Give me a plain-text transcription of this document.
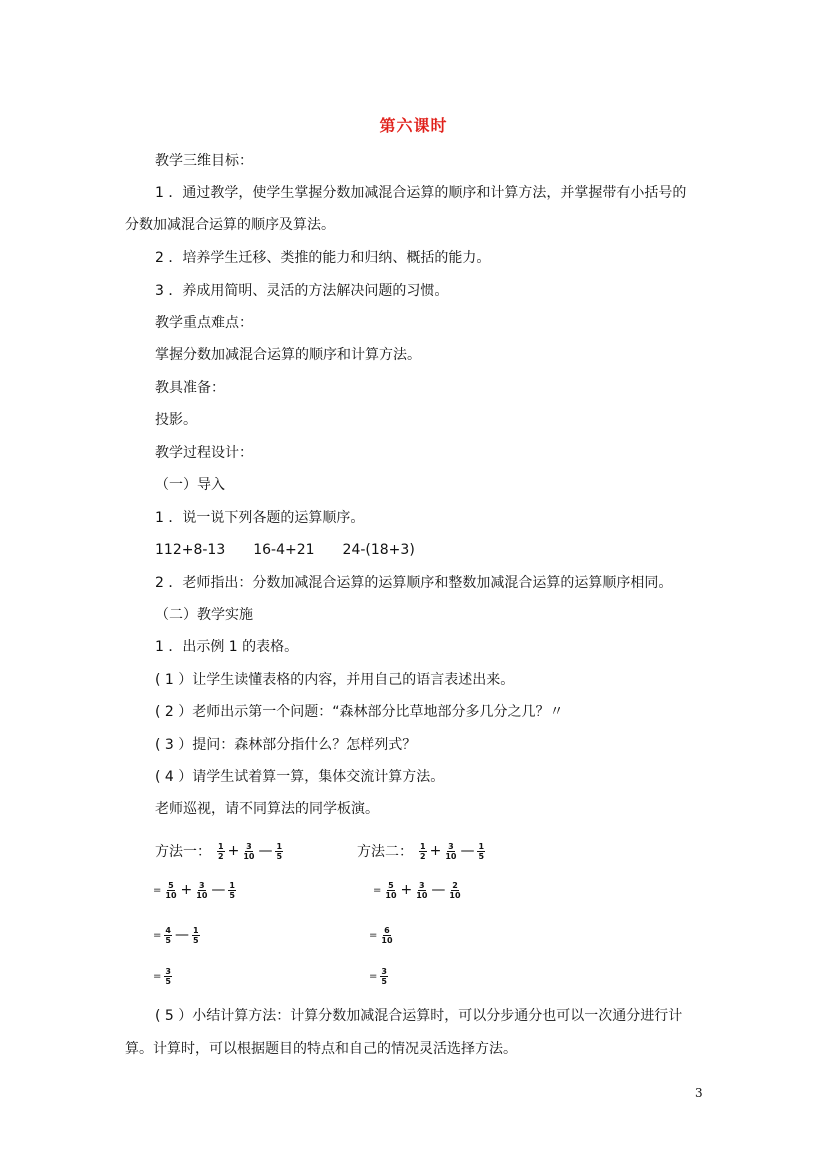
第六课时
教学三维目标：
1 ．通过教学，使学生掌握分数加减混合运算的顺序和计算方法，并掌握带有小括号的
分数加减混合运算的顺序及算法。
2 ．培养学生迁移、类推的能力和归纳、概括的能力。
3 ．养成用简明、灵活的方法解决问题的习惯。
教学重点难点：
掌握分数加减混合运算的顺序和计算方法。
教具准备：
投影。
教学过程设计：
（一）导入
1 ．说一说下列各题的运算顺序。
112+8-13　　16-4+21　　24-(18+3)
2 ．老师指出：分数加减混合运算的运算顺序和整数加减混合运算的运算顺序相同。
（二）教学实施
1 ．出示例 1 的表格。
( 1 ）让学生读懂表格的内容，并用自己的语言表述出来。
( 2 ）老师出示第一个问题：“森林部分比草地部分多几分之几？〃
( 3 ）提问：森林部分指什么？怎样列式？
( 4 ）请学生试着算一算，集体交流计算方法。
老师巡视，请不同算法的同学板演。
方法一： $\frac{1}{2} + \frac{3}{10}$ — $\frac{1}{5}$
= $\frac{5}{10} + \frac{3}{10}$ — $\frac{1}{5}$
= $\frac{4}{5}$ — $\frac{1}{5}$
= $\frac{3}{5}$
方法二： $\frac{1}{2} + \frac{3}{10}$ — $\frac{1}{5}$
= $\frac{5}{10} + \frac{3}{10}$ — $\frac{2}{10}$
= $\frac{6}{10}$
= $\frac{3}{5}$
( 5 ）小结计算方法：计算分数加减混合运算时，可以分步通分也可以一次通分进行计
算。计算时，可以根据题目的特点和自己的情况灵活选择方法。
3
